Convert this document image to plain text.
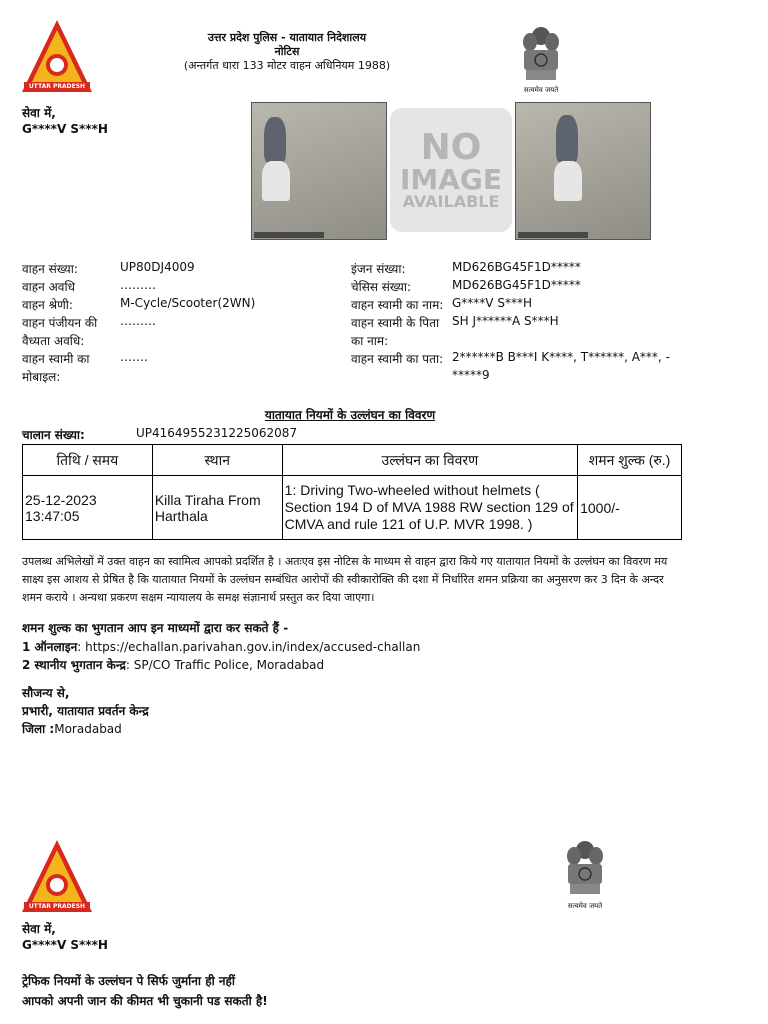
UTTAR PRADESH
उत्तर प्रदेश पुलिस - यातायात निदेशालय
नोटिस
(अन्तर्गत धारा 133 मोटर वाहन अधिनियम 1988)
सत्यमेव जयते
सेवा में,
G****V S***H	NO
IMAGE
AVAILABLE
वाहन संख्या:	UP80DJ4009
वाहन अवधि	………
वाहन श्रेणी:	M-Cycle/Scooter(2WN)
वाहन पंजीयन की
वैध्यता अवधि:
………
वाहन स्वामी का
मोबाइल:
…….
इंजन संख्या:	MD626BG45F1D*****
चेसिस संख्या:	MD626BG45F1D*****
वाहन स्वामी का नाम: G****V S***H
वाहन स्वामी के पिता
का नाम:
SH J******A S***H
वाहन स्वामी का पता: 2******B B***I K****, T******, A***, -
*****9
यातायात नियमों के उल्लंघन का विवरण
चालान संख्या:	UP4164955231225062087
तिथि / समय	स्थान	उल्लंघन का विवरण	शमन शुल्क (रु.)

25-12-2023
13:47:05	Killa Tiraha From Harthala	1: Driving Two-wheeled without helmets ( Section 194 D of MVA 1988 RW section 129 of CMVA and rule 121 of U.P. MVR 1998. )	1000/-
उपलब्ध अभिलेखों में उक्त वाहन का स्वामित्व आपको प्रदर्शित है । अतःएव इस नोटिस के माध्यम से वाहन द्वारा किये गए यातायात नियमों के उल्लंघन का विवरण मय साक्ष्य इस आशय से प्रेषित है कि यातायात नियमों के उल्लंघन सम्बंधित आरोपों की स्वीकारोक्ति की दशा में निर्धारित शमन प्रक्रिया का अनुसरण कर 3 दिन के अन्दर शमन कराये । अन्यथा प्रकरण सक्षम न्यायालय के समक्ष संज्ञानार्थ प्रस्तुत कर दिया जाएगा।
शमन शुल्क का भुगतान आप इन माध्यमों द्वारा कर सकते हैं -
1 ऑनलाइन: https://echallan.parivahan.gov.in/index/accused-challan
2 स्थानीय भुगतान केन्द्र: SP/CO Traffic Police, Moradabad
सौजन्य से,
प्रभारी, यातायात प्रवर्तन केन्द्र
जिला :Moradabad
UTTAR PRADESH	सत्यमेव जयते
सेवा में,
G****V S***H
ट्रेफिक नियमों के उल्लंघन पे सिर्फ जुर्माना ही नहीं
आपको अपनी जान की कीमत भी चुकानी पड सकती है!
